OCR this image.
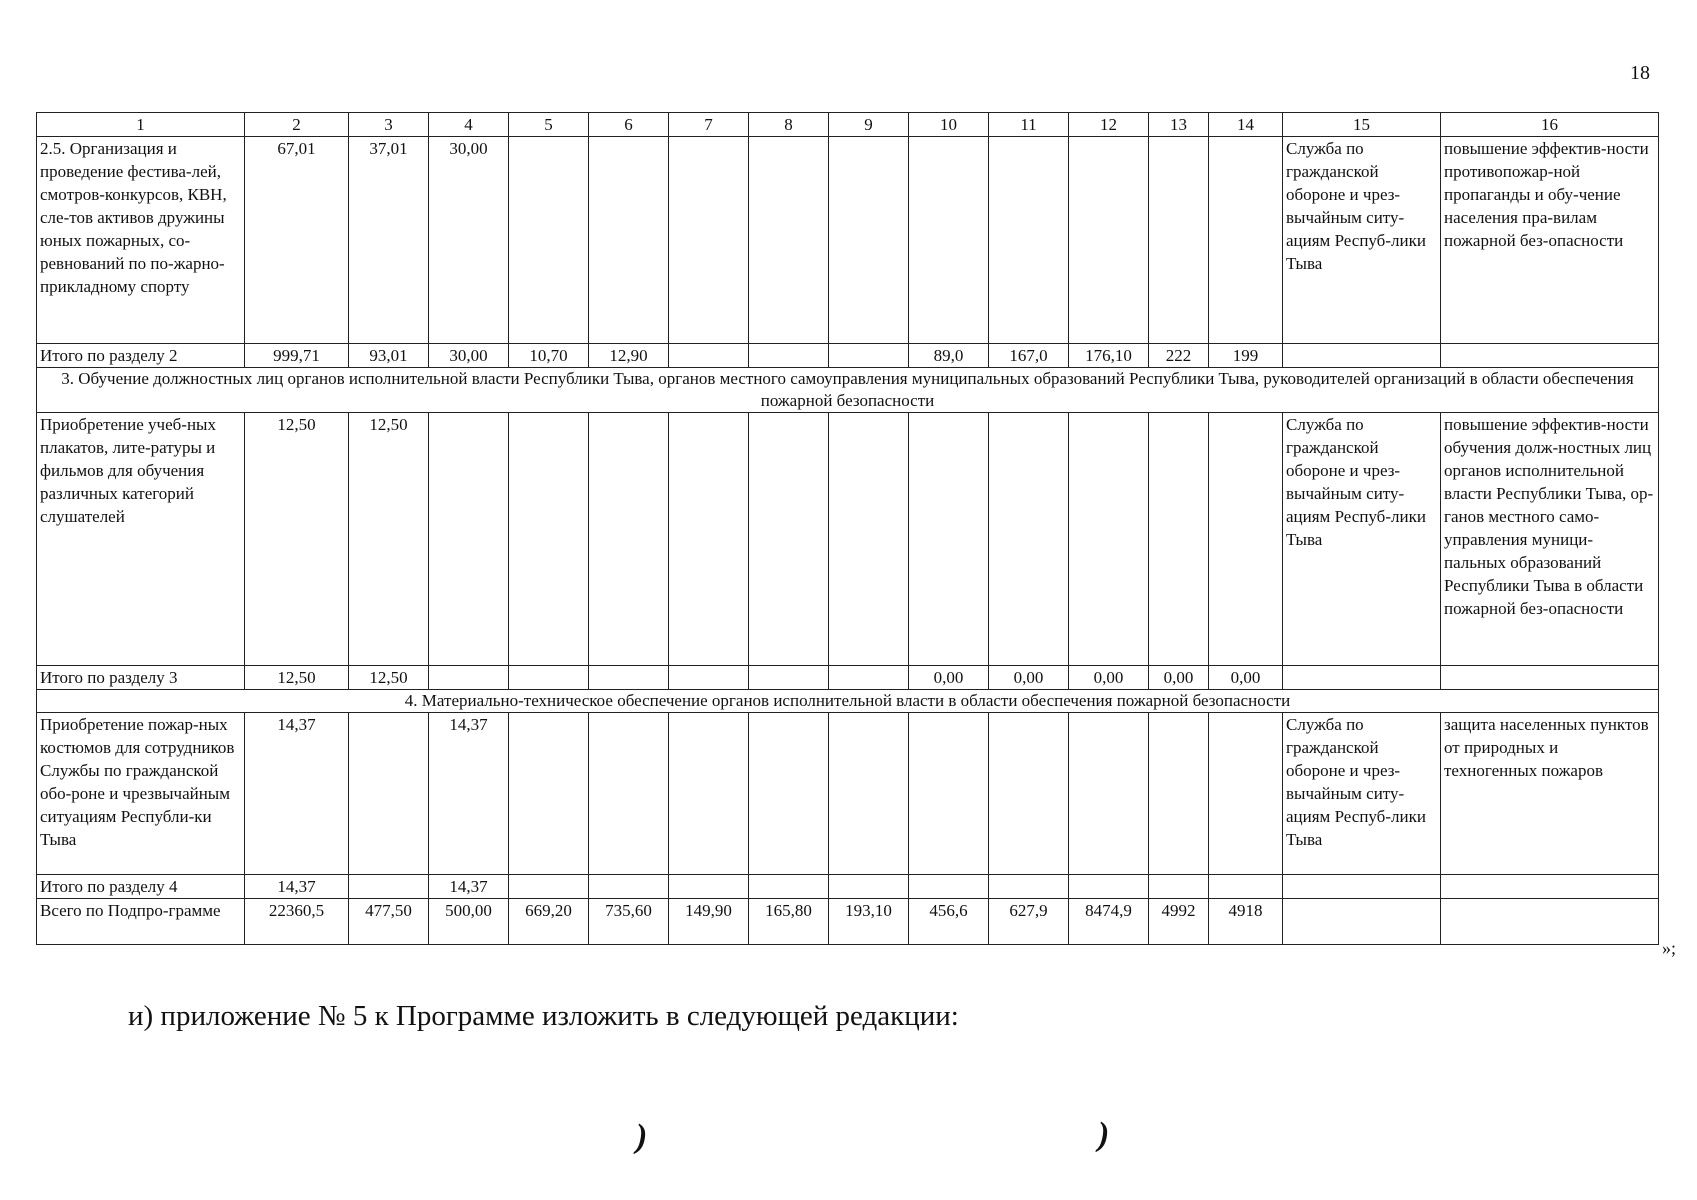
18
1	2	3	4	5	6	7	8	9	10	11	12	13	14	15	16
2.5. Организация и проведение фестива-лей, смотров-конкурсов, КВН, сле-тов активов дружины юных пожарных, со-ревнований по по-жарно-прикладному спорту	67,01	37,01	30,00											Служба по гражданской обороне и чрез-вычайным ситу-ациям Респуб-лики Тыва	повышение эффектив-ности противопожар-ной пропаганды и обу-чение населения пра-вилам пожарной без-опасности
Итого по разделу 2	999,71	93,01	30,00	10,70	12,90				89,0	167,0	176,10	222	199		
3. Обучение должностных лиц органов исполнительной власти Республики Тыва, органов местного самоуправления муниципальных образований Республики Тыва, руководителей организаций в области обеспечения пожарной безопасности															
Приобретение учеб-ных плакатов, лите-ратуры и фильмов для обучения различных категорий слушателей	12,50	12,50												Служба по гражданской обороне и чрез-вычайным ситу-ациям Респуб-лики Тыва	повышение эффектив-ности обучения долж-ностных лиц органов исполнительной власти Республики Тыва, ор-ганов местного само-управления муници-пальных образований Республики Тыва в области пожарной без-опасности
Итого по разделу 3	12,50	12,50							0,00	0,00	0,00	0,00	0,00		
4. Материально-техническое обеспечение органов исполнительной власти в области обеспечения пожарной безопасности															
Приобретение пожар-ных костюмов для сотрудников Службы по гражданской обо-роне и чрезвычайным ситуациям Республи-ки Тыва	14,37		14,37											Служба по гражданской обороне и чрез-вычайным ситу-ациям Респуб-лики Тыва	защита населенных пунктов от природных и техногенных пожаров
Итого по разделу 4	14,37		14,37												
Всего по Подпро-грамме	22360,5	477,50	500,00	669,20	735,60	149,90	165,80	193,10	456,6	627,9	8474,9	4992	4918		
»;
и) приложение № 5 к Программе изложить в следующей редакции:
)	)
